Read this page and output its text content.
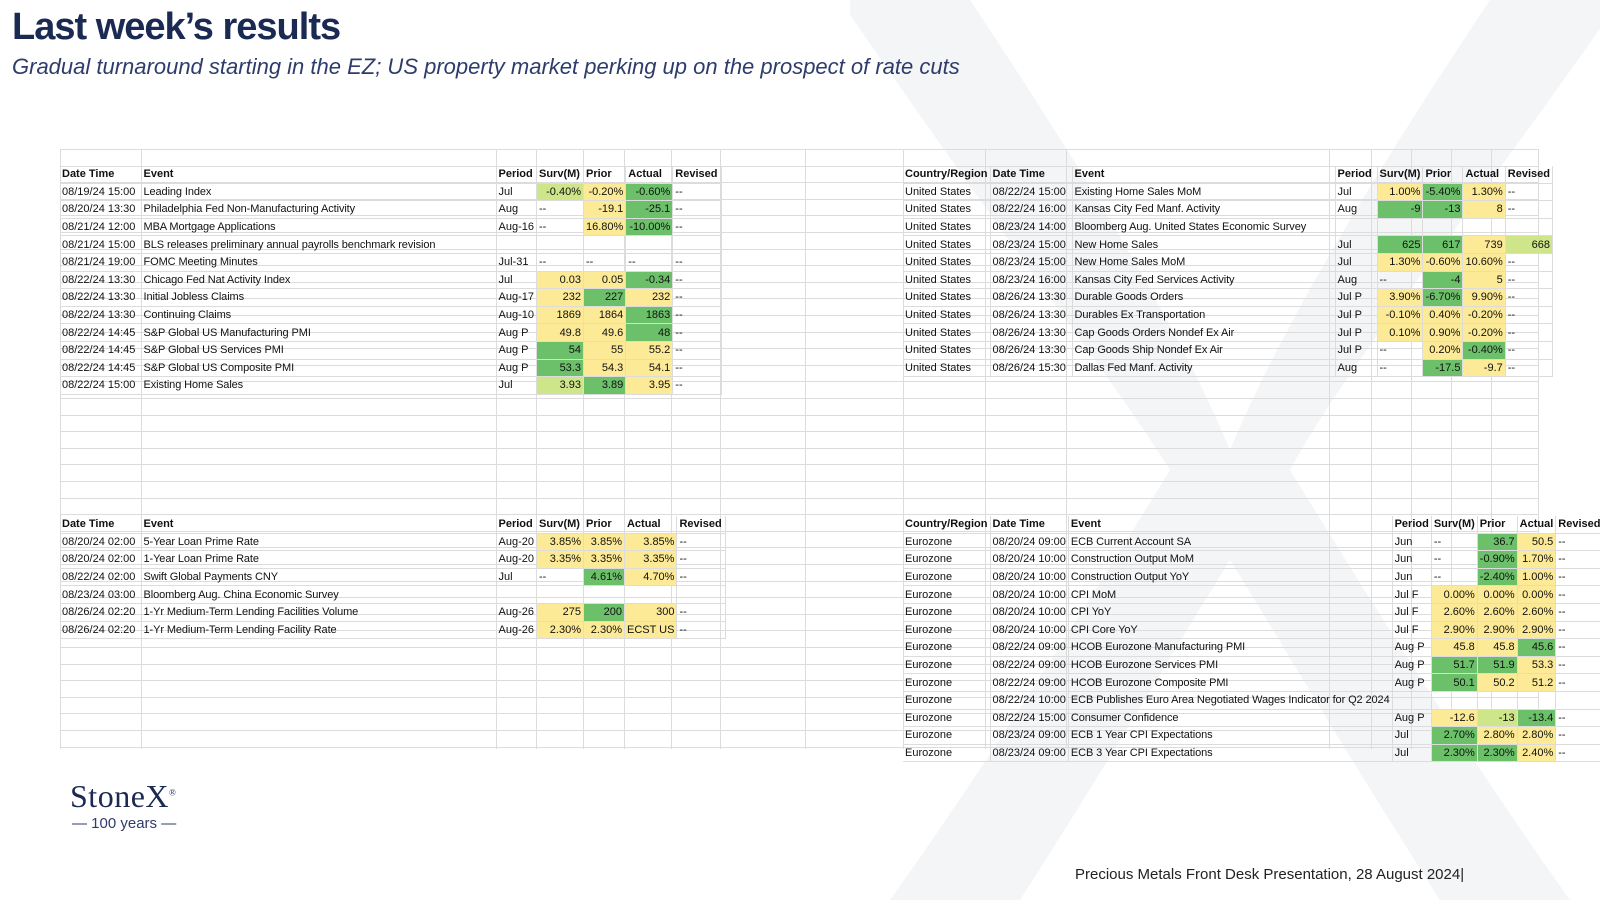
Last week’s results
Gradual turnaround starting in the EZ; US property market perking up on the prospect of rate cuts
Date Time	Event	Period	Surv(M)	Prior	Actual	Revised
08/19/24 15:00	Leading Index	Jul	-0.40%	-0.20%	-0.60%	--
08/20/24 13:30	Philadelphia Fed Non-Manufacturing Activity	Aug	--	-19.1	-25.1	--
08/21/24 12:00	MBA Mortgage Applications	Aug-16	--	16.80%	-10.00%	--
08/21/24 15:00	BLS releases preliminary annual payrolls benchmark revision					
08/21/24 19:00	FOMC Meeting Minutes	Jul-31	--	--	--	--
08/22/24 13:30	Chicago Fed Nat Activity Index	Jul	0.03	0.05	-0.34	--
08/22/24 13:30	Initial Jobless Claims	Aug-17	232	227	232	--
08/22/24 13:30	Continuing Claims	Aug-10	1869	1864	1863	--
08/22/24 14:45	S&P Global US Manufacturing PMI	Aug P	49.8	49.6	48	--
08/22/24 14:45	S&P Global US Services PMI	Aug P	54	55	55.2	--
08/22/24 14:45	S&P Global US Composite PMI	Aug P	53.3	54.3	54.1	--
08/22/24 15:00	Existing Home Sales	Jul	3.93	3.89	3.95	--
Country/Region	Date Time	Event	Period	Surv(M)	Prior	Actual	Revised
United States	08/22/24 15:00	Existing Home Sales MoM	Jul	1.00%	-5.40%	1.30%	--
United States	08/22/24 16:00	Kansas City Fed Manf. Activity	Aug	-9	-13	8	--
United States	08/23/24 14:00	Bloomberg Aug. United States Economic Survey					
United States	08/23/24 15:00	New Home Sales	Jul	625	617	739	668
United States	08/23/24 15:00	New Home Sales MoM	Jul	1.30%	-0.60%	10.60%	--
United States	08/23/24 16:00	Kansas City Fed Services Activity	Aug	--	-4	5	--
United States	08/26/24 13:30	Durable Goods Orders	Jul P	3.90%	-6.70%	9.90%	--
United States	08/26/24 13:30	Durables Ex Transportation	Jul P	-0.10%	0.40%	-0.20%	--
United States	08/26/24 13:30	Cap Goods Orders Nondef Ex Air	Jul P	0.10%	0.90%	-0.20%	--
United States	08/26/24 13:30	Cap Goods Ship Nondef Ex Air	Jul P	--	0.20%	-0.40%	--
United States	08/26/24 15:30	Dallas Fed Manf. Activity	Aug	--	-17.5	-9.7	--
Date Time	Event	Period	Surv(M)	Prior	Actual	Revised
08/20/24 02:00	5-Year Loan Prime Rate	Aug-20	3.85%	3.85%	3.85%	--
08/20/24 02:00	1-Year Loan Prime Rate	Aug-20	3.35%	3.35%	3.35%	--
08/22/24 02:00	Swift Global Payments CNY	Jul	--	4.61%	4.70%	--
08/23/24 03:00	Bloomberg Aug. China Economic Survey					
08/26/24 02:20	1-Yr Medium-Term Lending Facilities Volume	Aug-26	275	200	300	--
08/26/24 02:20	1-Yr Medium-Term Lending Facility Rate	Aug-26	2.30%	2.30%	ECST US	--
Country/Region	Date Time	Event	Period	Surv(M)	Prior	Actual	Revised
Eurozone	08/20/24 09:00	ECB Current Account SA	Jun	--	36.7	50.5	--
Eurozone	08/20/24 10:00	Construction Output MoM	Jun	--	-0.90%	1.70%	--
Eurozone	08/20/24 10:00	Construction Output YoY	Jun	--	-2.40%	1.00%	--
Eurozone	08/20/24 10:00	CPI MoM	Jul F	0.00%	0.00%	0.00%	--
Eurozone	08/20/24 10:00	CPI YoY	Jul F	2.60%	2.60%	2.60%	--
Eurozone	08/20/24 10:00	CPI Core YoY	Jul F	2.90%	2.90%	2.90%	--
Eurozone	08/22/24 09:00	HCOB Eurozone Manufacturing PMI	Aug P	45.8	45.8	45.6	--
Eurozone	08/22/24 09:00	HCOB Eurozone Services PMI	Aug P	51.7	51.9	53.3	--
Eurozone	08/22/24 09:00	HCOB Eurozone Composite PMI	Aug P	50.1	50.2	51.2	--
Eurozone	08/22/24 10:00	ECB Publishes Euro Area Negotiated Wages Indicator for Q2 2024					
Eurozone	08/22/24 15:00	Consumer Confidence	Aug P	-12.6	-13	-13.4	--
Eurozone	08/23/24 09:00	ECB 1 Year CPI Expectations	Jul	2.70%	2.80%	2.80%	--
Eurozone	08/23/24 09:00	ECB 3 Year CPI Expectations	Jul	2.30%	2.30%	2.40%	--
StoneX®
— 100 years —
Precious Metals Front Desk Presentation, 28 August 2024|
